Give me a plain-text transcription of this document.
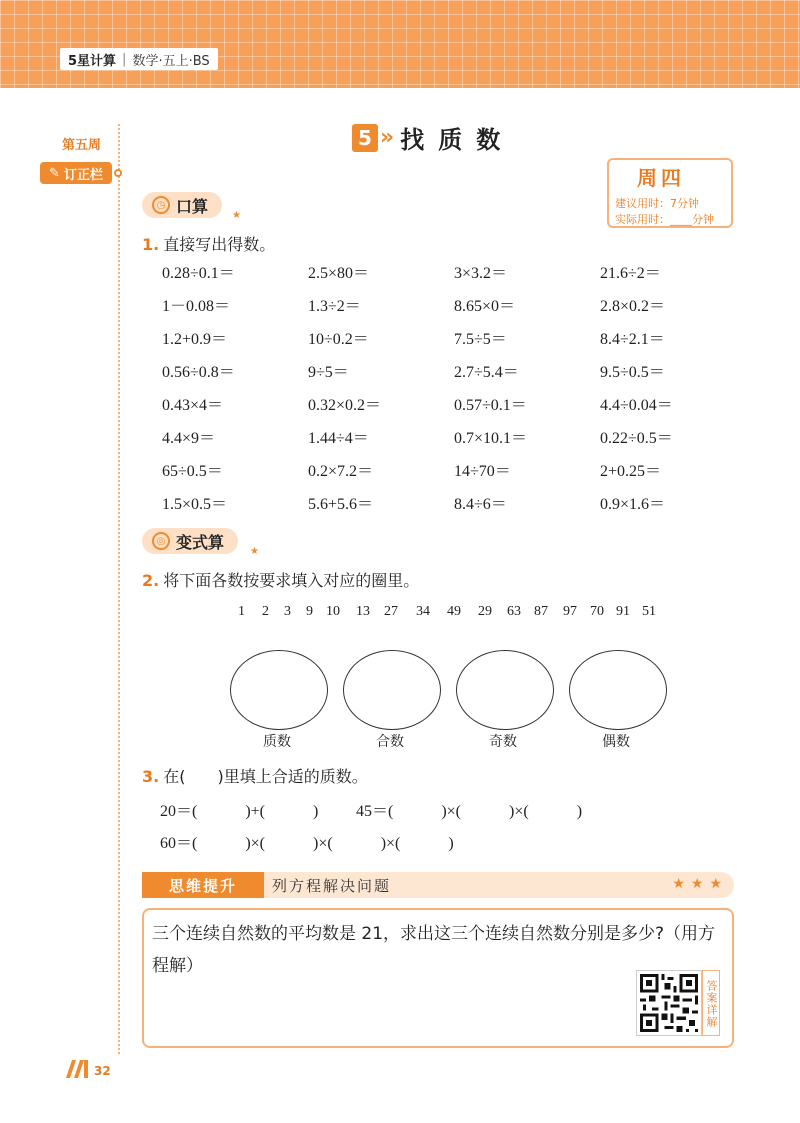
5星计算 | 数学·五上·BS
第五周
✎ 订正栏
5 » 找质数
周四
建议用时：7分钟
实际用时：____分钟
◷ 口算 ★
1. 直接写出得数。
0.28÷0.1＝	2.5×80＝	3×3.2＝	21.6÷2＝
1－0.08＝	1.3÷2＝	8.65×0＝	2.8×0.2＝
1.2+0.9＝	10÷0.2＝	7.5÷5＝	8.4÷2.1＝
0.56÷0.8＝	9÷5＝	2.7÷5.4＝	9.5÷0.5＝
0.43×4＝	0.32×0.2＝	0.57÷0.1＝	4.4÷0.04＝
4.4×9＝	1.44÷4＝	0.7×10.1＝	0.22÷0.5＝
65÷0.5＝	0.2×7.2＝	14÷70＝	2+0.25＝
1.5×0.5＝	5.6+5.6＝	8.4÷6＝	0.9×1.6＝
◎ 变式算	★
2. 将下面各数按要求填入对应的圈里。
1	2	3	9 10	13	27	34	49	29	63 87	97 70 91 51
质数	合数	奇数	偶数
3. 在(　　)里填上合适的质数。
20＝(　　　)+(　　　) 45＝(　　　)×(　　　)×(　　　)
60＝(　　　)×(　　　)×(　　　)×(　　　)
列方程解决问题
思维提升	★★★
三个连续自然数的平均数是 21，求出这三个连续自然数分别是多少?（用方程解）
答案详解
32
